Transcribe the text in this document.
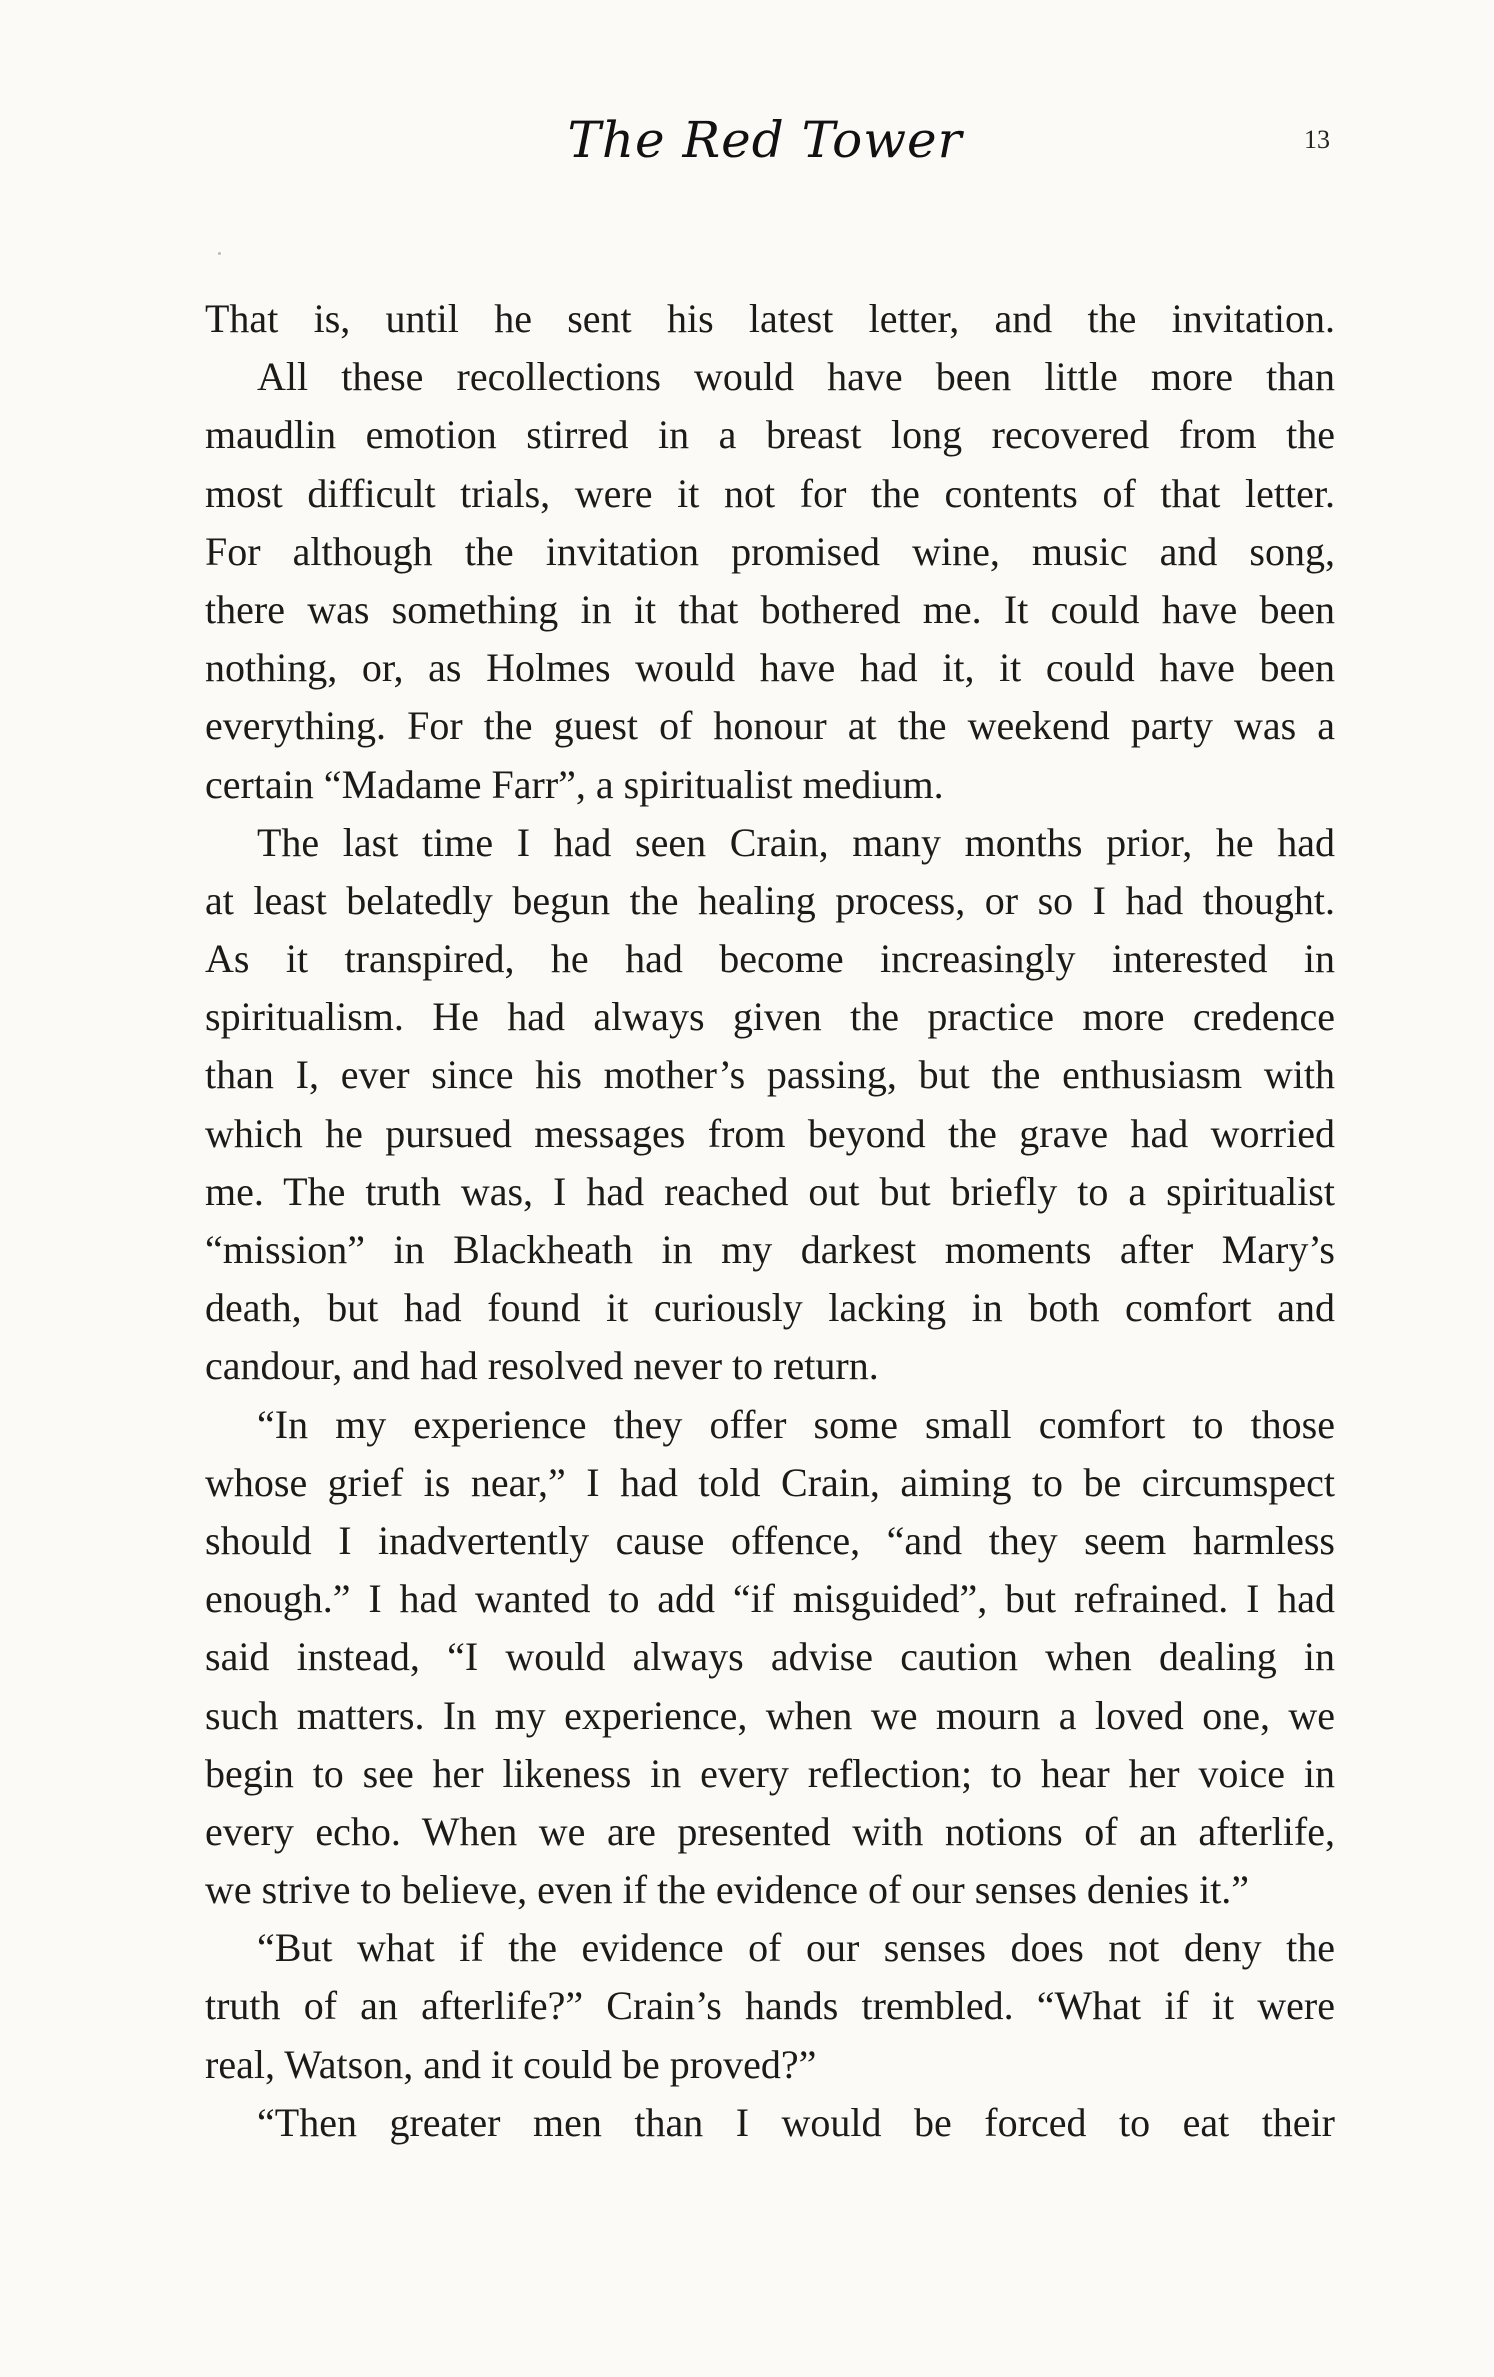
The Red Tower	13
That is, until he sent his latest letter, and the invitation.
All these recollections would have been little more than
maudlin emotion stirred in a breast long recovered from the
most difficult trials, were it not for the contents of that letter.
For although the invitation promised wine, music and song,
there was something in it that bothered me. It could have been
nothing, or, as Holmes would have had it, it could have been
everything. For the guest of honour at the weekend party was a
certain “Madame Farr”, a spiritualist medium.
The last time I had seen Crain, many months prior, he had
at least belatedly begun the healing process, or so I had thought.
As it transpired, he had become increasingly interested in
spiritualism. He had always given the practice more credence
than I, ever since his mother’s passing, but the enthusiasm with
which he pursued messages from beyond the grave had worried
me. The truth was, I had reached out but briefly to a spiritualist
“mission” in Blackheath in my darkest moments after Mary’s
death, but had found it curiously lacking in both comfort and
candour, and had resolved never to return.
“In my experience they offer some small comfort to those
whose grief is near,” I had told Crain, aiming to be circumspect
should I inadvertently cause offence, “and they seem harmless
enough.” I had wanted to add “if misguided”, but refrained. I had
said instead, “I would always advise caution when dealing in
such matters. In my experience, when we mourn a loved one, we
begin to see her likeness in every reflection; to hear her voice in
every echo. When we are presented with notions of an afterlife,
we strive to believe, even if the evidence of our senses denies it.”
“But what if the evidence of our senses does not deny the
truth of an afterlife?” Crain’s hands trembled. “What if it were
real, Watson, and it could be proved?”
“Then greater men than I would be forced to eat their
